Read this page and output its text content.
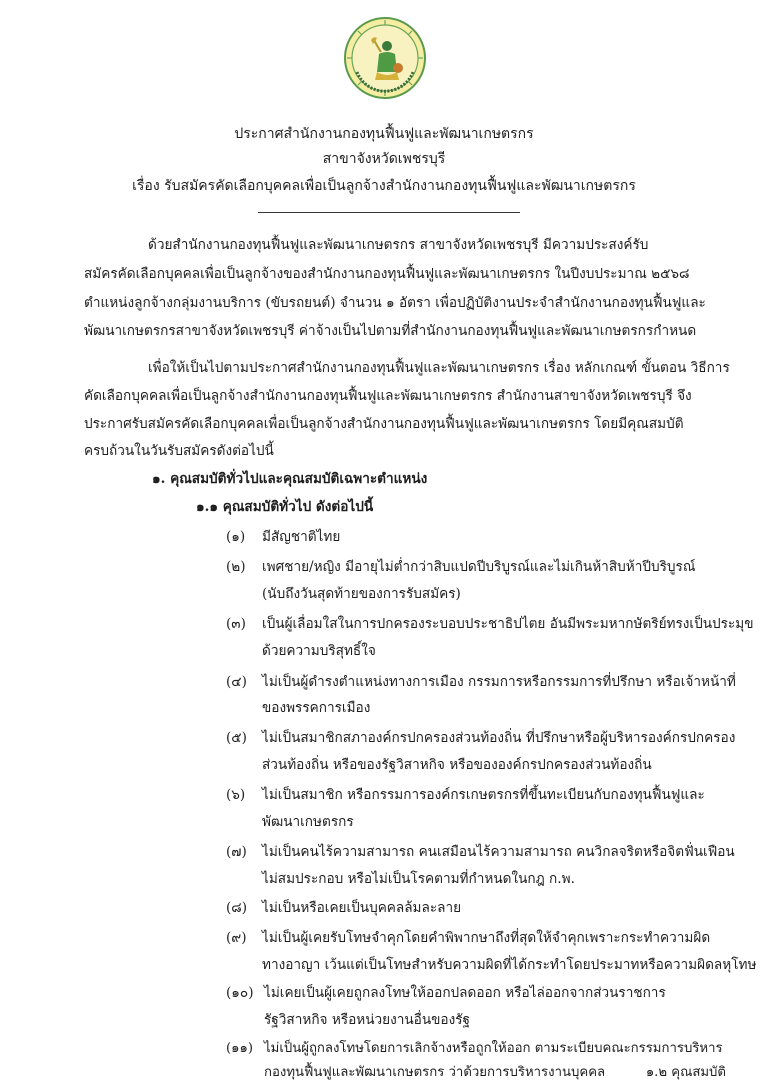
ประกาศสำนักงานกองทุนฟื้นฟูและพัฒนาเกษตรกร
สาขาจังหวัดเพชรบุรี
เรื่อง รับสมัครคัดเลือกบุคคลเพื่อเป็นลูกจ้างสำนักงานกองทุนฟื้นฟูและพัฒนาเกษตรกร
ด้วยสำนักงานกองทุนฟื้นฟูและพัฒนาเกษตรกร สาขาจังหวัดเพชรบุรี มีความประสงค์รับ
สมัครคัดเลือกบุคคลเพื่อเป็นลูกจ้างของสำนักงานกองทุนฟื้นฟูและพัฒนาเกษตรกร ในปีงบประมาณ ๒๕๖๘
ตำแหน่งลูกจ้างกลุ่มงานบริการ (ขับรถยนต์) จำนวน ๑ อัตรา เพื่อปฏิบัติงานประจำสำนักงานกองทุนฟื้นฟูและ
พัฒนาเกษตรกรสาขาจังหวัดเพชรบุรี ค่าจ้างเป็นไปตามที่สำนักงานกองทุนฟื้นฟูและพัฒนาเกษตรกรกำหนด
เพื่อให้เป็นไปตามประกาศสำนักงานกองทุนฟื้นฟูและพัฒนาเกษตรกร เรื่อง หลักเกณฑ์ ขั้นตอน วิธีการ
คัดเลือกบุคคลเพื่อเป็นลูกจ้างสำนักงานกองทุนฟื้นฟูและพัฒนาเกษตรกร สำนักงานสาขาจังหวัดเพชรบุรี จึง
ประกาศรับสมัครคัดเลือกบุคคลเพื่อเป็นลูกจ้างสำนักงานกองทุนฟื้นฟูและพัฒนาเกษตรกร โดยมีคุณสมบัติ
ครบถ้วนในวันรับสมัครดังต่อไปนี้
๑. คุณสมบัติทั่วไปและคุณสมบัติเฉพาะตำแหน่ง
๑.๑ คุณสมบัติทั่วไป ดังต่อไปนี้
(๑) มีสัญชาติไทย
(๒) เพศชาย/หญิง มีอายุไม่ต่ำกว่าสิบแปดปีบริบูรณ์และไม่เกินห้าสิบห้าปีบริบูรณ์
(นับถึงวันสุดท้ายของการรับสมัคร)
(๓) เป็นผู้เลื่อมใสในการปกครองระบอบประชาธิปไตย อันมีพระมหากษัตริย์ทรงเป็นประมุข
ด้วยความบริสุทธิ์ใจ
(๔) ไม่เป็นผู้ดำรงตำแหน่งทางการเมือง กรรมการหรือกรรมการที่ปรึกษา หรือเจ้าหน้าที่
ของพรรคการเมือง
(๕) ไม่เป็นสมาชิกสภาองค์กรปกครองส่วนท้องถิ่น ที่ปรึกษาหรือผู้บริหารองค์กรปกครอง
ส่วนท้องถิ่น หรือของรัฐวิสาหกิจ หรือขององค์กรปกครองส่วนท้องถิ่น
(๖) ไม่เป็นสมาชิก หรือกรรมการองค์กรเกษตรกรที่ขึ้นทะเบียนกับกองทุนฟื้นฟูและ
พัฒนาเกษตรกร
(๗) ไม่เป็นคนไร้ความสามารถ คนเสมือนไร้ความสามารถ คนวิกลจริตหรือจิตฟั่นเฟือน
ไม่สมประกอบ หรือไม่เป็นโรคตามที่กำหนดในกฎ ก.พ.
(๘) ไม่เป็นหรือเคยเป็นบุคคลล้มละลาย
(๙) ไม่เป็นผู้เคยรับโทษจำคุกโดยคำพิพากษาถึงที่สุดให้จำคุกเพราะกระทำความผิด
ทางอาญา เว้นแต่เป็นโทษสำหรับความผิดที่ได้กระทำโดยประมาทหรือความผิดลหุโทษ
(๑๐) ไม่เคยเป็นผู้เคยถูกลงโทษให้ออกปลดออก หรือไล่ออกจากส่วนราชการ
รัฐวิสาหกิจ หรือหน่วยงานอื่นของรัฐ
(๑๑) ไม่เป็นผู้ถูกลงโทษโดยการเลิกจ้างหรือถูกให้ออก ตามระเบียบคณะกรรมการบริหาร
กองทุนฟื้นฟูและพัฒนาเกษตรกร ว่าด้วยการบริหารงานบุคคล	๑.๒ คุณสมบัติ
